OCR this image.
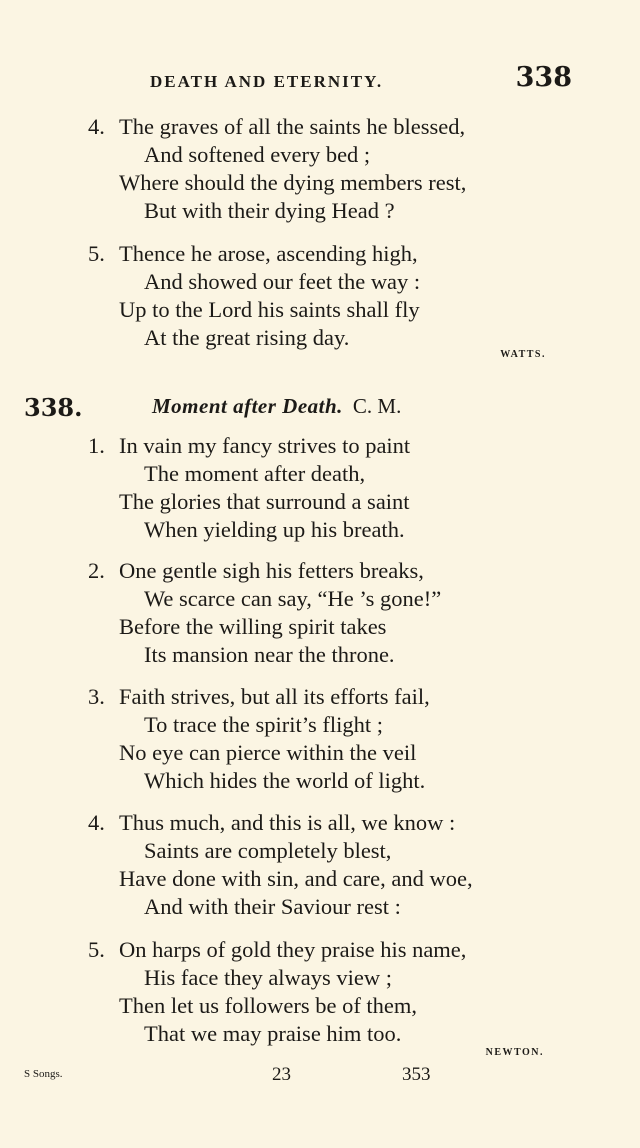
DEATH AND ETERNITY.	338
4. The graves of all the saints he blessed,
And softened every bed ;
Where should the dying members rest,
But with their dying Head ?
5. Thence he arose, ascending high,
And showed our feet the way :
Up to the Lord his saints shall fly
At the great rising day.
WATTS.
338.	Moment after Death. C. M.
1. In vain my fancy strives to paint
The moment after death,
The glories that surround a saint
When yielding up his breath.
2. One gentle sigh his fetters breaks,
We scarce can say, “He ’s gone!”
Before the willing spirit takes
Its mansion near the throne.
3. Faith strives, but all its efforts fail,
To trace the spirit’s flight ;
No eye can pierce within the veil
Which hides the world of light.
4. Thus much, and this is all, we know :
Saints are completely blest,
Have done with sin, and care, and woe,
And with their Saviour rest :
5. On harps of gold they praise his name,
His face they always view ;
Then let us followers be of them,
That we may praise him too.
NEWTON.
S Songs.	23	353
